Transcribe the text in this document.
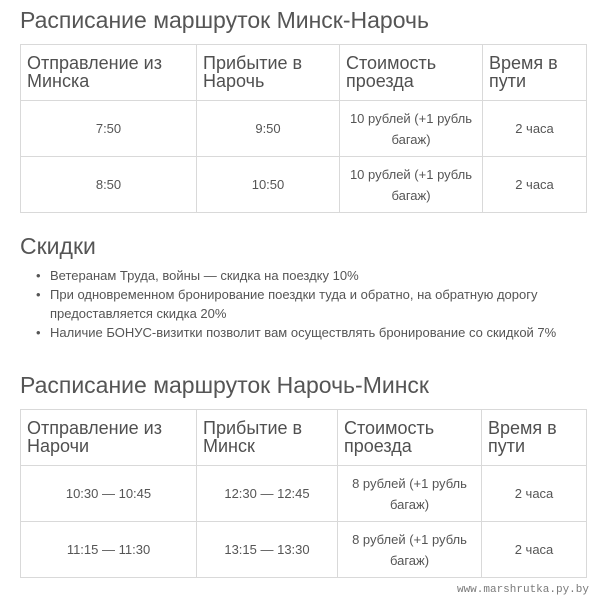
Расписание маршруток Минск-Нарочь
Отправление из Минска	Прибытие в Нарочь	Стоимость проезда	Время в пути
7:50	9:50	10 рублей (+1 рубль багаж)	2 часа
8:50	10:50	10 рублей (+1 рубль багаж)	2 часа
Скидки
• Ветеранам Труда, войны — скидка на поездку 10%
• При одновременном бронирование поездки туда и обратно, на обратную дорогу предоставляется скидка 20%
• Наличие БОНУС-визитки позволит вам осуществлять бронирование со скидкой 7%
Расписание маршруток Нарочь-Минск
Отправление из Нарочи	Прибытие в Минск	Стоимость проезда	Время в пути
10:30 — 10:45	12:30 — 12:45	8 рублей (+1 рубль багаж)	2 часа
11:15 — 11:30	13:15 — 13:30	8 рублей (+1 рубль багаж)	2 часа
www.marshrutka.py.by
